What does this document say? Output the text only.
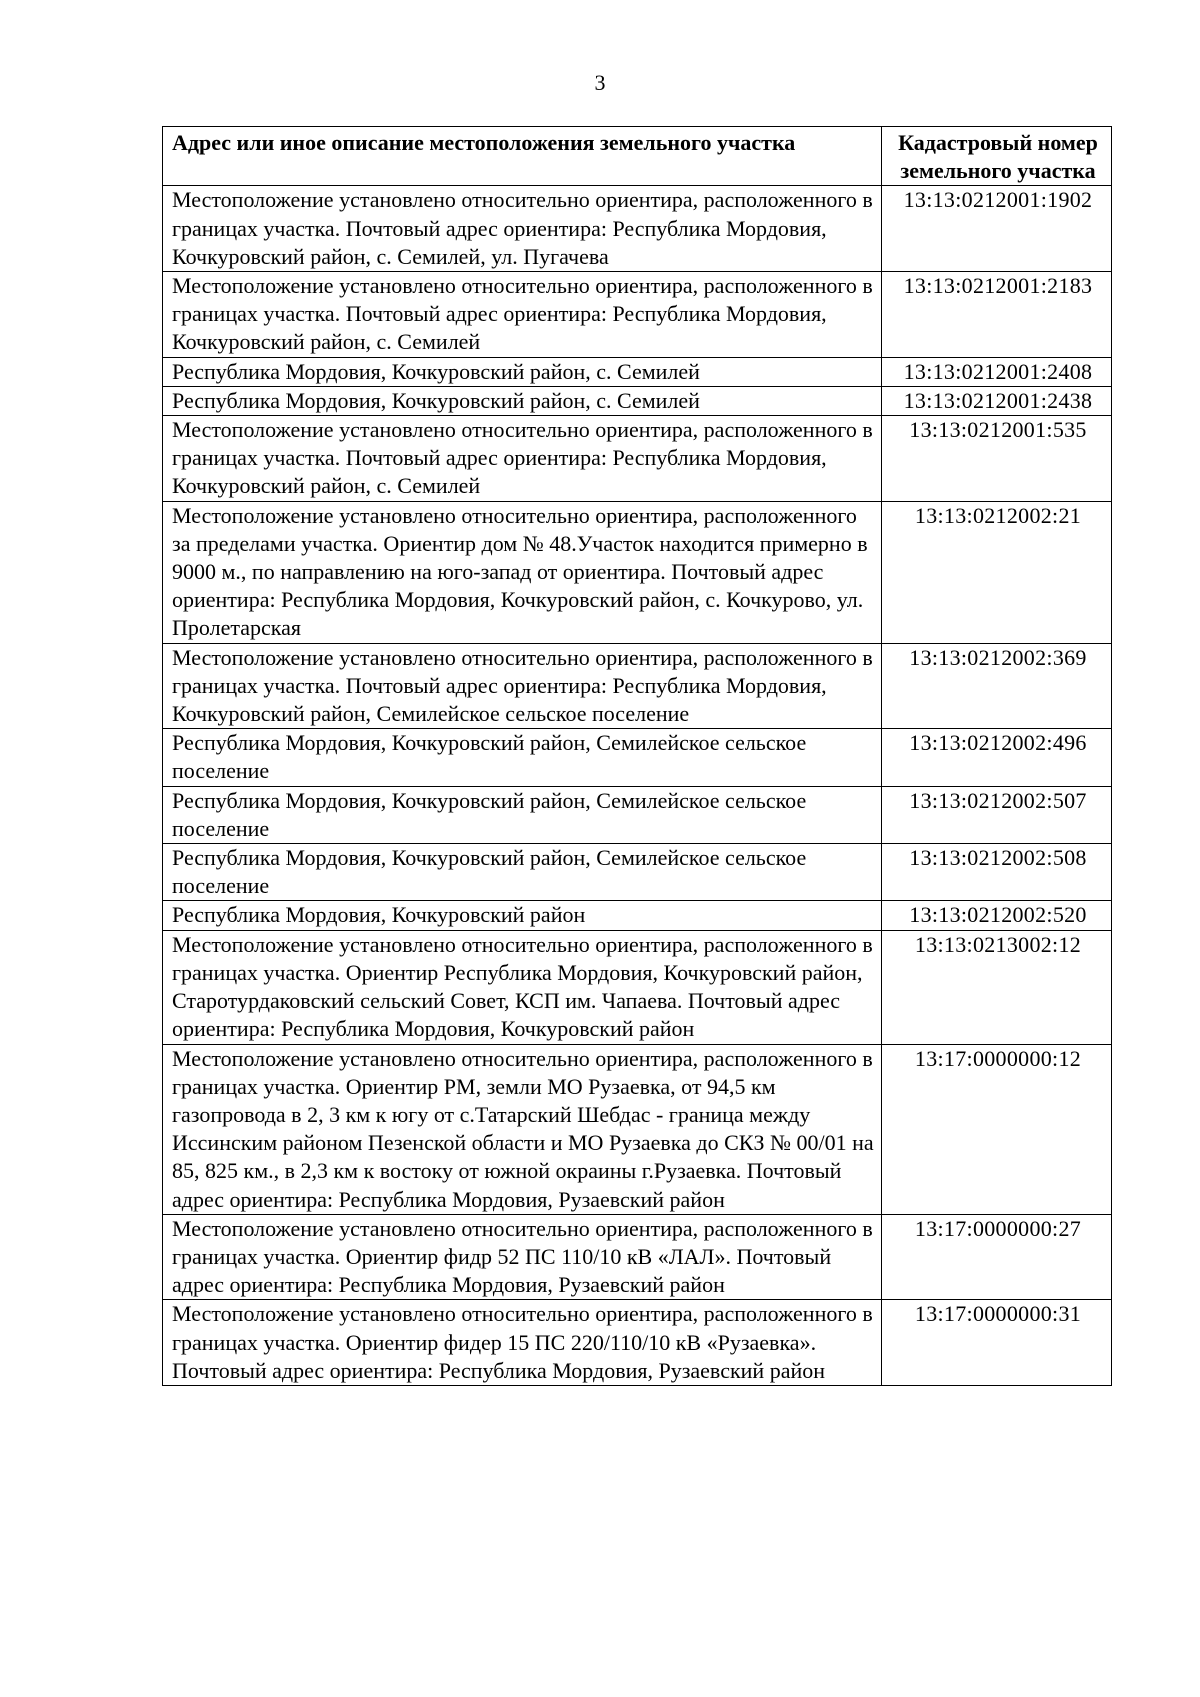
3
Адрес или иное описание местоположения земельного участка	Кадастровый номер земельного участка
Местоположение установлено относительно ориентира, расположенного в границах участка. Почтовый адрес ориентира: Республика Мордовия, Кочкуровский район, с. Семилей, ул. Пугачева	13:13:0212001:1902
Местоположение установлено относительно ориентира, расположенного в границах участка. Почтовый адрес ориентира: Республика Мордовия, Кочкуровский район, с. Семилей	13:13:0212001:2183
Республика Мордовия, Кочкуровский район, с. Семилей	13:13:0212001:2408
Республика Мордовия, Кочкуровский район, с. Семилей	13:13:0212001:2438
Местоположение установлено относительно ориентира, расположенного в границах участка. Почтовый адрес ориентира: Республика Мордовия, Кочкуровский район, с. Семилей	13:13:0212001:535
Местоположение установлено относительно ориентира, расположенного за пределами участка. Ориентир дом № 48.Участок находится примерно в 9000 м., по направлению на юго-запад от ориентира. Почтовый адрес ориентира: Республика Мордовия, Кочкуровский район, с. Кочкурово, ул. Пролетарская	13:13:0212002:21
Местоположение установлено относительно ориентира, расположенного в границах участка. Почтовый адрес ориентира: Республика Мордовия, Кочкуровский район, Семилейское сельское поселение	13:13:0212002:369
Республика Мордовия, Кочкуровский район, Семилейское сельское поселение	13:13:0212002:496
Республика Мордовия, Кочкуровский район, Семилейское сельское поселение	13:13:0212002:507
Республика Мордовия, Кочкуровский район, Семилейское сельское поселение	13:13:0212002:508
Республика Мордовия, Кочкуровский район	13:13:0212002:520
Местоположение установлено относительно ориентира, расположенного в границах участка. Ориентир Республика Мордовия, Кочкуровский район, Старотурдаковский сельский Совет, КСП им. Чапаева. Почтовый адрес ориентира: Республика Мордовия, Кочкуровский район	13:13:0213002:12
Местоположение установлено относительно ориентира, расположенного в границах участка. Ориентир РМ, земли МО Рузаевка, от 94,5 км газопровода в 2, 3 км к югу от с.Татарский Шебдас - граница между Иссинским районом Пезенской области и МО Рузаевка до СКЗ № 00/01 на 85, 825 км., в 2,3 км к востоку от южной окраины г.Рузаевка. Почтовый адрес ориентира: Республика Мордовия, Рузаевский район	13:17:0000000:12
Местоположение установлено относительно ориентира, расположенного в границах участка. Ориентир фидр 52 ПС 110/10 кВ «ЛАЛ». Почтовый адрес ориентира: Республика Мордовия, Рузаевский район	13:17:0000000:27
Местоположение установлено относительно ориентира, расположенного в границах участка. Ориентир фидер 15 ПС 220/110/10 кВ «Рузаевка». Почтовый адрес ориентира: Республика Мордовия, Рузаевский район	13:17:0000000:31
